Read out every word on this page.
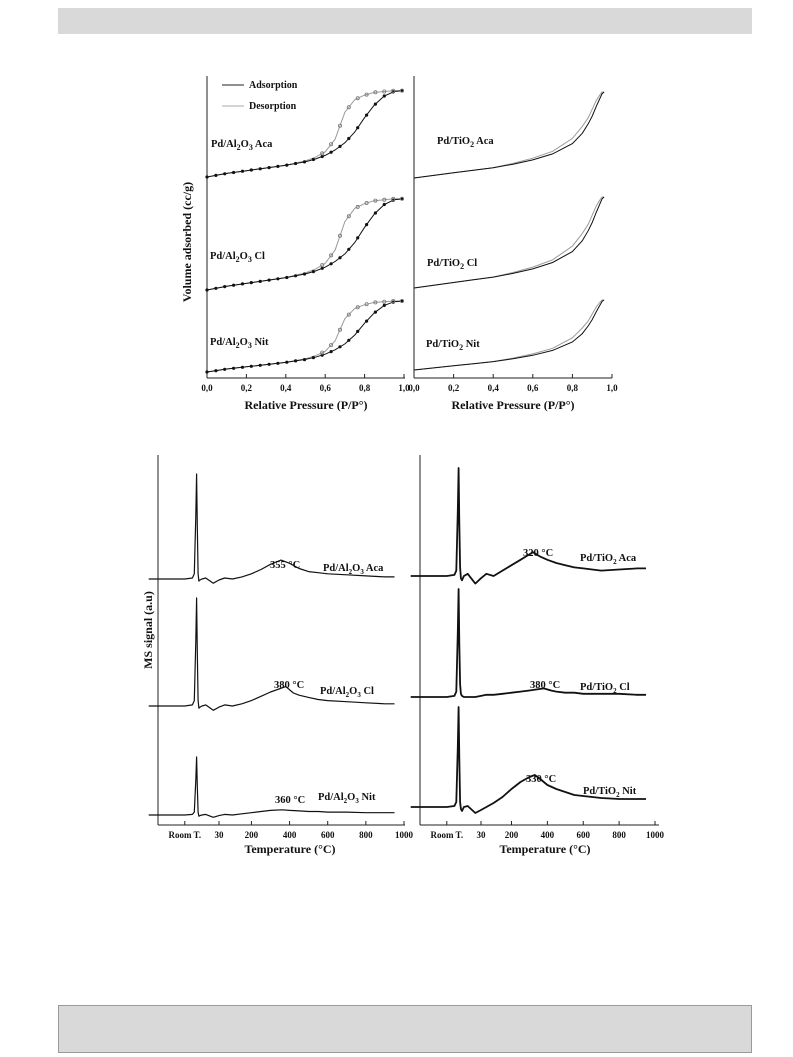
Adsorption
Desorption
$Pd/Al_2O_3$ Aca
$Pd/Al_2O_3$ Cl
$Pd/Al_2O_3$ Nit
Pd/TiO$_2$ Aca
Pd/TiO$_2$ Cl
Pd/TiO$_2$ Nit
0,0	0,2	0,4	0,6	0,8	1,0
0,0	0,2	0,4	0,6	0,8	1,0
Relative Pressure (P/P°)	Relative Pressure (P/P°)
Volume adsorbed (cc/g)
355 °C $Pd/Al_2O_3$ Aca
380 °C
$Pd/Al_2O_3$ Cl
360 °C $Pd/Al_2O_3$ Nit
320 °C	Pd/TiO$_2$ Aca
380 °C Pd/TiO$_2$ Cl
330 °C
Pd/TiO$_2$ Nit
Room T. 30 200	400	600	800 1000 Room T. 30 200 400 600 800 1000
Temperature (°C)	Temperature (°C)
MS signal (a.u)
